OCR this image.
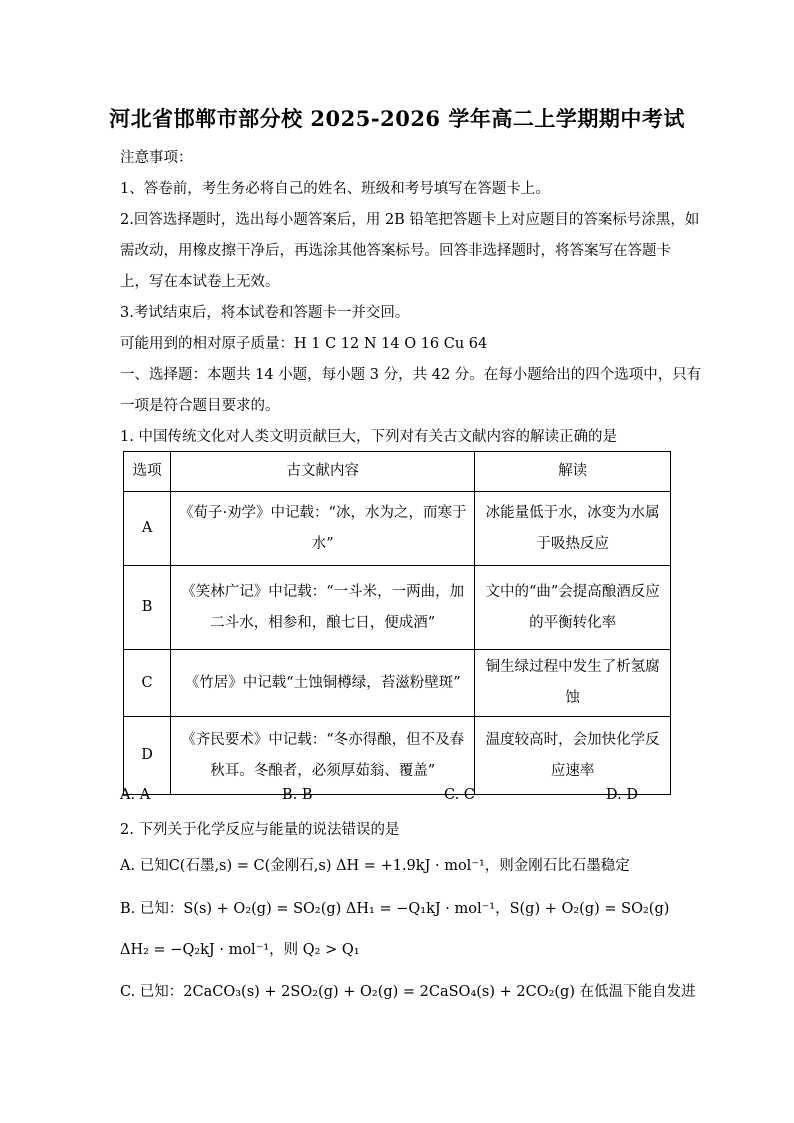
河北省邯郸市部分校 2025-2026 学年高二上学期期中考试
注意事项：
1、答卷前，考生务必将自己的姓名、班级和考号填写在答题卡上。
2.回答选择题时，选出每小题答案后，用 2B 铅笔把答题卡上对应题目的答案标号涂黑，如
需改动，用橡皮擦干净后，再选涂其他答案标号。回答非选择题时，将答案写在答题卡
上，写在本试卷上无效。
3.考试结束后，将本试卷和答题卡一并交回。
可能用到的相对原子质量：H 1 C 12 N 14 O 16 Cu 64
一、选择题：本题共 14 小题，每小题 3 分，共 42 分。在每小题给出的四个选项中，只有
一项是符合题目要求的。
1. 中国传统文化对人类文明贡献巨大，下列对有关古文献内容的解读正确的是
选项	古文献内容	解读
A	《荀子·劝学》中记载：“冰，水为之，而寒于水”	冰能量低于水，冰变为水属于吸热反应
B	《笑林广记》中记载：“一斗米，一两曲，加二斗水，相参和，酿七日，便成酒”	文中的“曲”会提高酿酒反应的平衡转化率
C	《竹居》中记载“土蚀铜樽绿，苔滋粉壁斑”	铜生绿过程中发生了析氢腐蚀
D	《齐民要术》中记载：“冬亦得酿，但不及春秋耳。冬酿者，必须厚茹翁、覆盖”	温度较高时，会加快化学反应速率
A. A	B. B	C. C	D. D
2. 下列关于化学反应与能量的说法错误的是
A. 已知C(石墨,s) = C(金刚石,s) ΔH = +1.9kJ · mol⁻¹，则金刚石比石墨稳定
B. 已知：S(s) + O₂(g) = SO₂(g) ΔH₁ = −Q₁kJ · mol⁻¹，S(g) + O₂(g) = SO₂(g)
ΔH₂ = −Q₂kJ · mol⁻¹，则 Q₂ > Q₁
C. 已知：2CaCO₃(s) + 2SO₂(g) + O₂(g) = 2CaSO₄(s) + 2CO₂(g) 在低温下能自发进
